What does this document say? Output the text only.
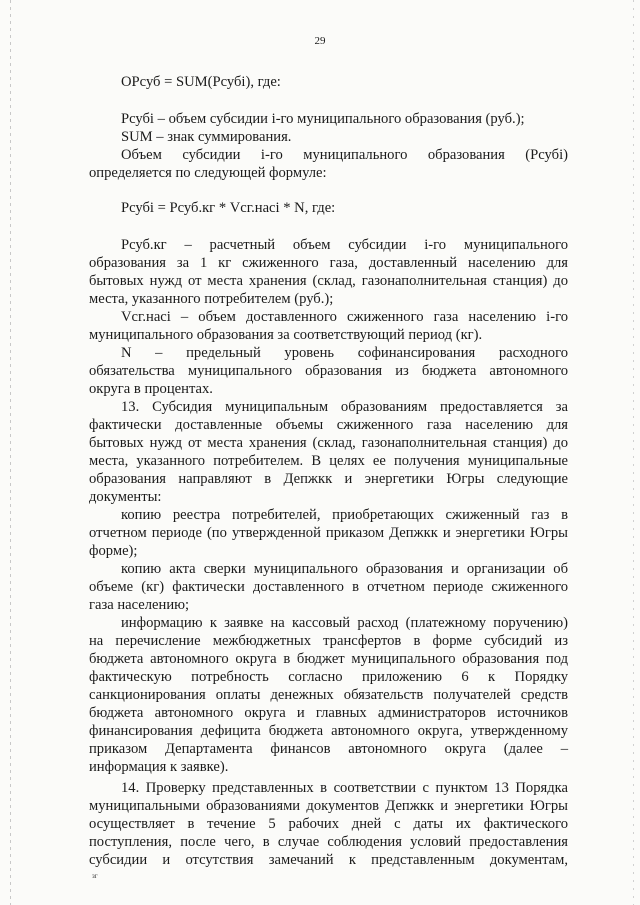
29
ОРсуб = SUM(Рсубі), где:
Рсубі – объем субсидии i-го муниципального образования (руб.);
SUM – знак суммирования.
Объем субсидии i-го муниципального образования (Рсубі)
определяется по следующей формуле:
Рсубі = Рсуб.кг * Vсг.насі * N, где:
Рсуб.кг – расчетный объем субсидии i-го муниципального
образования за 1 кг сжиженного газа, доставленный населению для
бытовых нужд от места хранения (склад, газонаполнительная станция) до
места, указанного потребителем (руб.);
Vсг.насі – объем доставленного сжиженного газа населению i-го
муниципального образования за соответствующий период (кг).
N – предельный уровень софинансирования расходного
обязательства муниципального образования из бюджета автономного
округа в процентах.
13. Субсидия муниципальным образованиям предоставляется за
фактически доставленные объемы сжиженного газа населению для
бытовых нужд от места хранения (склад, газонаполнительная станция) до
места, указанного потребителем. В целях ее получения муниципальные
образования направляют в Депжкк и энергетики Югры следующие
документы:
копию реестра потребителей, приобретающих сжиженный газ в
отчетном периоде (по утвержденной приказом Депжкк и энергетики Югры
форме);
копию акта сверки муниципального образования и организации об
объеме (кг) фактически доставленного в отчетном периоде сжиженного
газа населению;
информацию к заявке на кассовый расход (платежному поручению)
на перечисление межбюджетных трансфертов в форме субсидий из
бюджета автономного округа в бюджет муниципального образования под
фактическую потребность согласно приложению 6 к Порядку
санкционирования оплаты денежных обязательств получателей средств
бюджета автономного округа и главных администраторов источников
финансирования дефицита бюджета автономного округа, утвержденному
приказом Департамента финансов автономного округа (далее –
информация к заявке).
14. Проверку представленных в соответствии с пунктом 13 Порядка
муниципальными образованиями документов Депжкк и энергетики Югры
осуществляет в течение 5 рабочих дней с даты их фактического
поступления, после чего, в случае соблюдения условий предоставления
субсидии и отсутствия замечаний к представленным документам,
зг
